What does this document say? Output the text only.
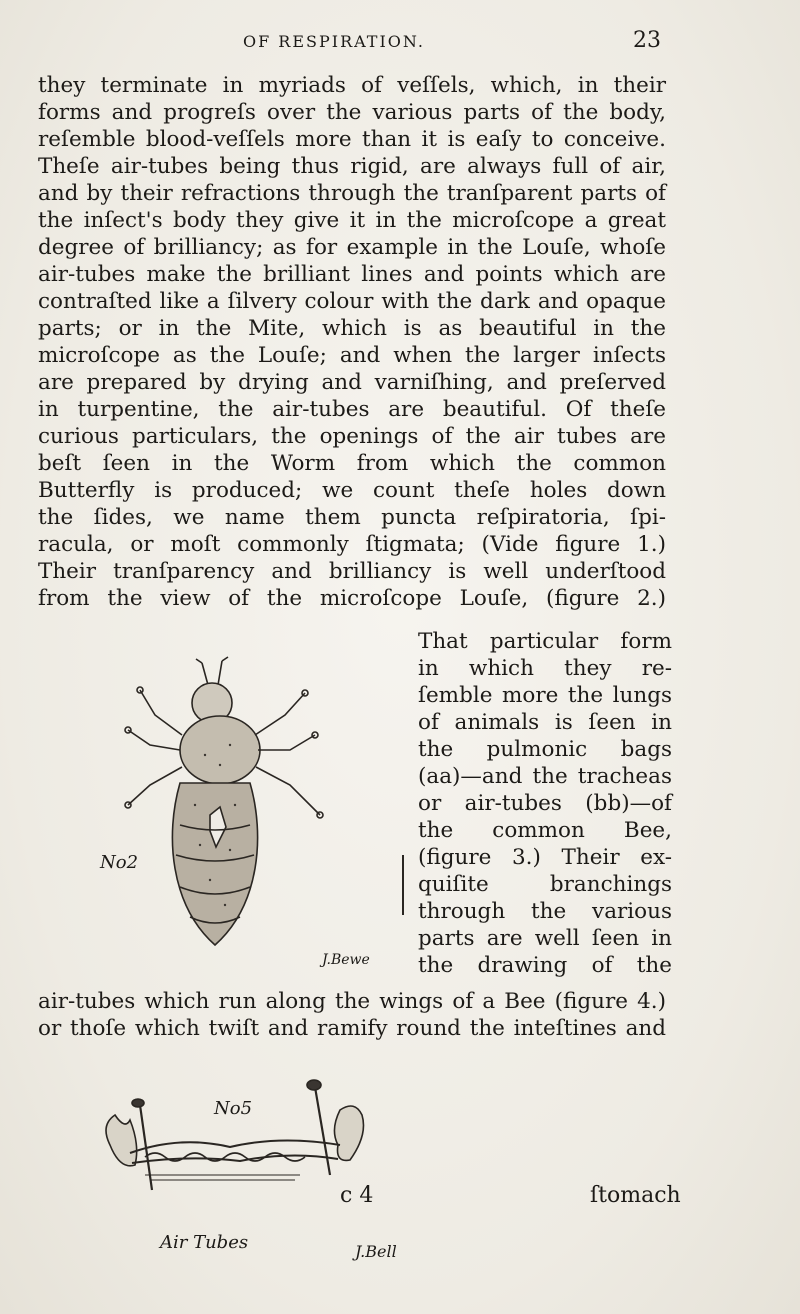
OF RESPIRATION.	23
they terminate in myriads of veſſels, which, in their
forms and progreſs over the various parts of the body,
reſemble blood-veſſels more than it is eaſy to conceive.
Theſe air-tubes being thus rigid, are always full of air,
and by their refractions through the tranſparent parts of
the inſect's body they give it in the microſcope a great
degree of brilliancy; as for example in the Louſe, whoſe
air-tubes make the brilliant lines and points which are
contraſted like a ſilvery colour with the dark and opaque
parts; or in the Mite, which is as beautiful in the
microſcope as the Louſe; and when the larger inſects
are prepared by drying and varniſhing, and preſerved
in turpentine, the air-tubes are beautiful. Of theſe
curious particulars, the openings of the air tubes are
beſt ſeen in the Worm from which the common
Butterfly is produced; we count theſe holes down
the ſides, we name them puncta reſpiratoria, ſpi-
racula, or moſt commonly ſtigmata; (Vide figure 1.)
Their tranſparency and brilliancy is well underſtood
from the view of the microſcope Louſe, (figure 2.)
No2
J.Bewe
That particular form
in which they re-
ſemble more the lungs
of animals is ſeen in
the pulmonic bags
(aa)—and the tracheas
or air-tubes (bb)—of
the common Bee,
(figure 3.) Their ex-
quiſite branchings
through the various
parts are well ſeen in
the drawing of the
air-tubes which run along the wings of a Bee (figure 4.)
or thoſe which twiſt and ramify round the inteſtines and
No5
Air Tubes	J.Bell
c 4	ſtomach
